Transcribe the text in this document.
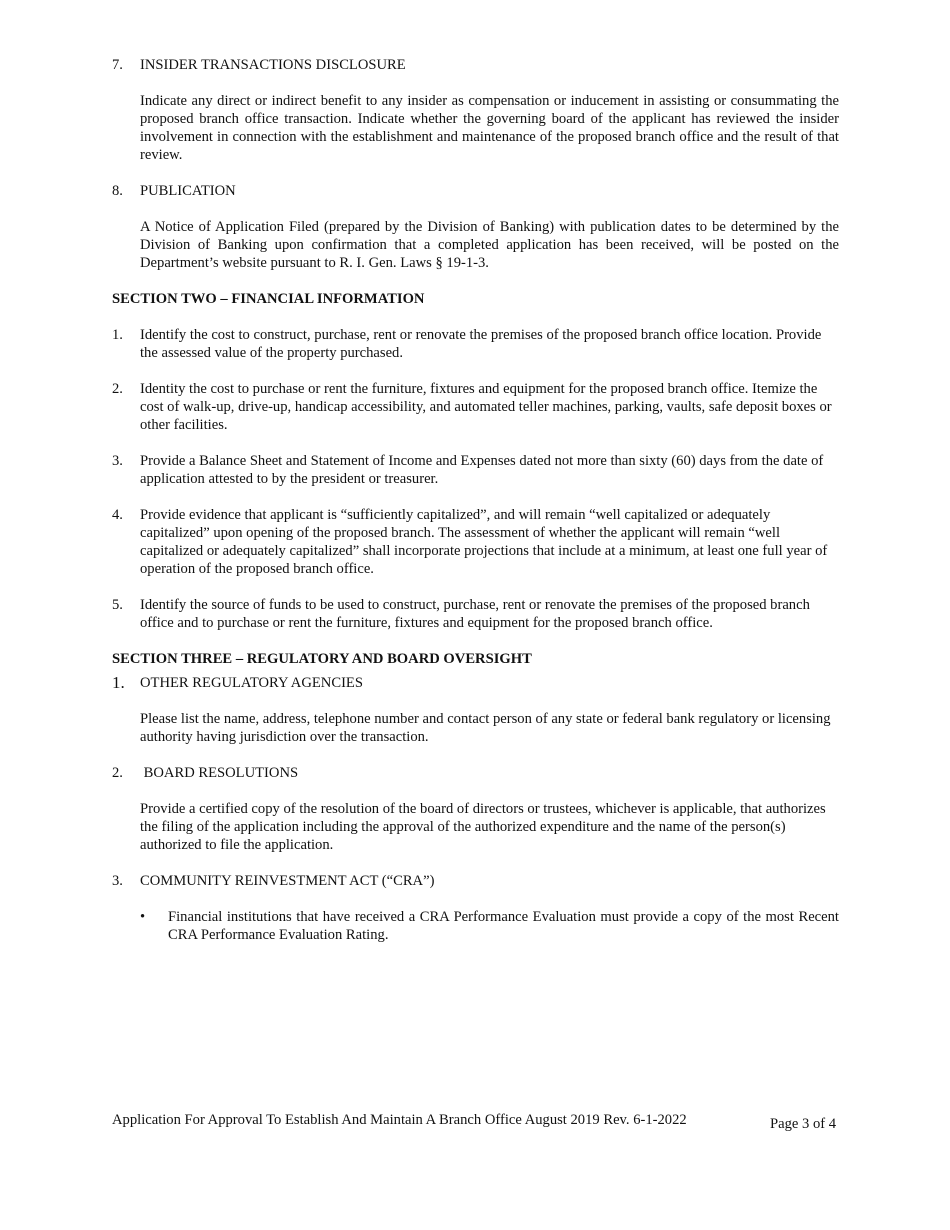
7.	INSIDER TRANSACTIONS DISCLOSURE
Indicate any direct or indirect benefit to any insider as compensation or inducement in assisting or consummating the proposed branch office transaction. Indicate whether the governing board of the applicant has reviewed the insider involvement in connection with the establishment and maintenance of the proposed branch office and the result of that review.
8.	PUBLICATION
A Notice of Application Filed (prepared by the Division of Banking) with publication dates to be determined by the Division of Banking upon confirmation that a completed application has been received, will be posted on the Department’s website pursuant to R. I. Gen. Laws § 19-1-3.
SECTION TWO – FINANCIAL INFORMATION
1.	Identify the cost to construct, purchase, rent or renovate the premises of the proposed branch office location. Provide the assessed value of the property purchased.
2.	Identity the cost to purchase or rent the furniture, fixtures and equipment for the proposed branch office. Itemize the cost of walk-up, drive-up, handicap accessibility, and automated teller machines, parking, vaults, safe deposit boxes or other facilities.
3.	Provide a Balance Sheet and Statement of Income and Expenses dated not more than sixty (60) days from the date of    application attested to by the president or treasurer.
4.	Provide evidence that applicant is “sufficiently capitalized”, and will remain “well capitalized or adequately capitalized” upon opening of the proposed branch. The assessment of whether the applicant will remain “well capitalized or adequately capitalized” shall incorporate projections that include at a minimum, at least one full year of operation of the proposed branch office.
5.	Identify the source of funds to be used to construct, purchase, rent or renovate the premises of the proposed branch office and to purchase or rent the furniture, fixtures and equipment for the proposed branch office.
SECTION THREE – REGULATORY AND BOARD OVERSIGHT
1.	OTHER REGULATORY AGENCIES
Please list the name, address, telephone number and contact person of any state or federal bank regulatory or licensing authority having jurisdiction over the transaction.
2.	BOARD RESOLUTIONS
Provide a certified copy of the resolution of the board of directors or trustees, whichever is applicable, that authorizes the filing of the application including the approval of the authorized expenditure and the name of the person(s) authorized to file the application.
3.	COMMUNITY REINVESTMENT ACT (“CRA”)
•	Financial institutions that have received a CRA Performance Evaluation must provide a copy of the most Recent CRA Performance Evaluation Rating.
Application For Approval To Establish And Maintain A Branch Office August 2019 Rev. 6-1-2022	Page 3 of 4
